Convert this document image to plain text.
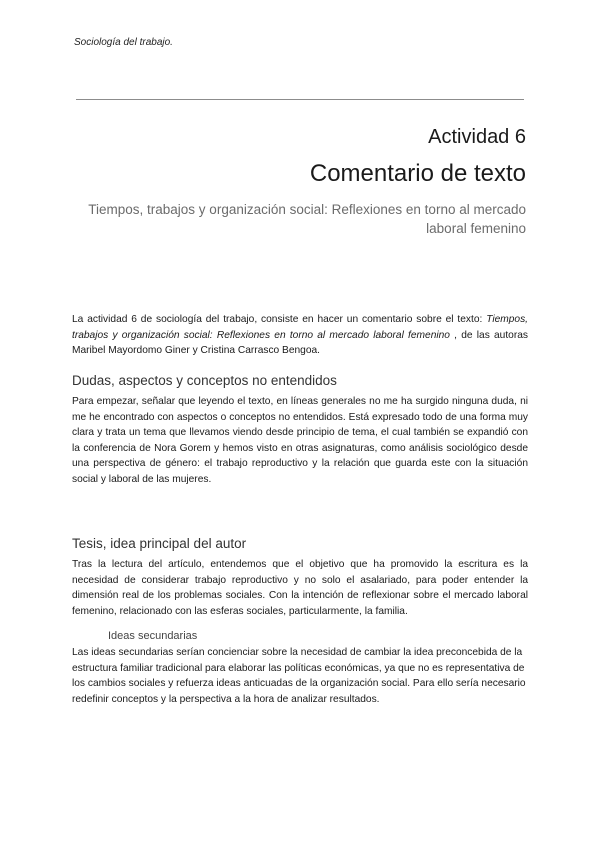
Sociología del trabajo.
Actividad 6
Comentario de texto
Tiempos, trabajos y organización social: Reflexiones en torno al mercado laboral femenino
La actividad 6 de sociología del trabajo, consiste en hacer un comentario sobre el texto: Tiempos, trabajos y organización social: Reflexiones en torno al mercado laboral femenino , de las autoras Maribel Mayordomo Giner y Cristina Carrasco Bengoa.
Dudas, aspectos y conceptos no entendidos
Para empezar, señalar que leyendo el texto, en líneas generales no me ha surgido ninguna duda, ni me he encontrado con aspectos o conceptos no entendidos. Está expresado todo de una forma muy clara y trata un tema que llevamos viendo desde principio de tema, el cual también se expandió con la conferencia de Nora Gorem y hemos visto en otras asignaturas, como análisis sociológico desde una perspectiva de género: el trabajo reproductivo y la relación que guarda este con la situación social y laboral de las mujeres.
Tesis, idea principal del autor
Tras la lectura del artículo, entendemos que el objetivo que ha promovido la escritura es la necesidad de considerar trabajo reproductivo y no solo el asalariado, para poder entender la dimensión real de los problemas sociales. Con la intención de reflexionar sobre el mercado laboral femenino, relacionado con las esferas sociales, particularmente, la familia.
Ideas secundarias
Las ideas secundarias serían concienciar sobre la necesidad de cambiar la idea preconcebida de la estructura familiar tradicional para elaborar las políticas económicas, ya que no es representativa de los cambios sociales y refuerza ideas anticuadas de la organización social. Para ello sería necesario redefinir conceptos y la perspectiva a la hora de analizar resultados.
